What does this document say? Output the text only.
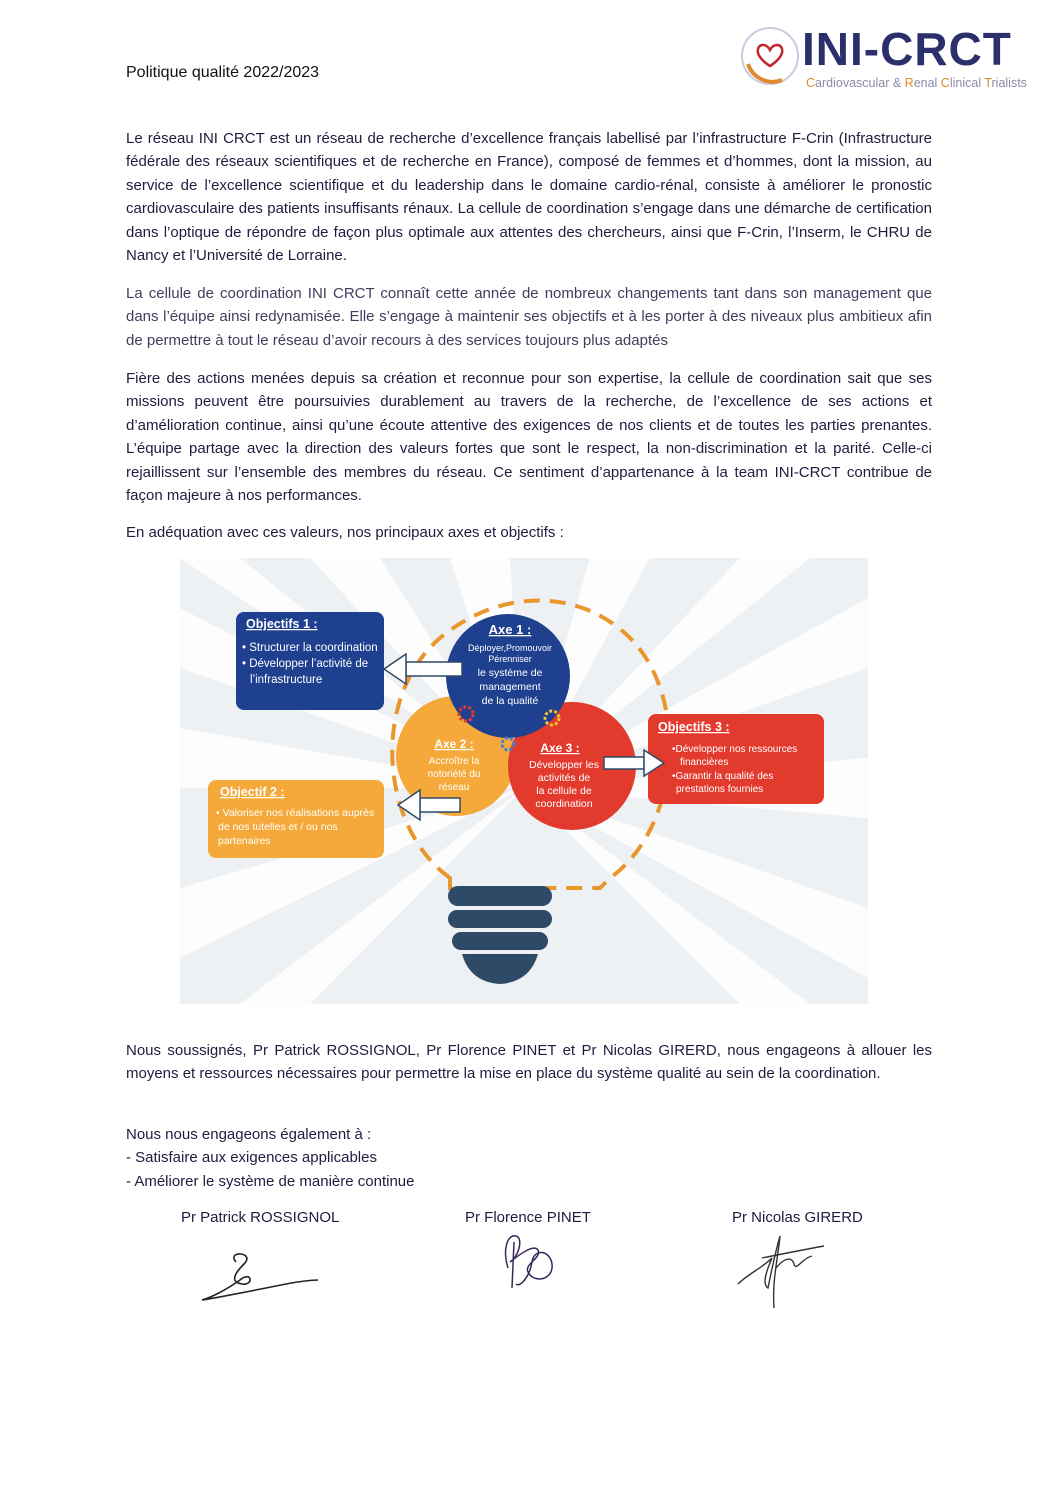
Politique qualité 2022/2023	INI-CRCT
Cardiovascular & Renal Clinical Trialists

Le réseau INI CRCT est un réseau de recherche d’excellence français labellisé par l’infrastructure F-Crin (Infrastructure fédérale des réseaux scientifiques et de recherche en France), composé de femmes et d’hommes, dont la mission, au service de l’excellence scientifique et du leadership dans le domaine cardio-rénal, consiste à améliorer le pronostic cardiovasculaire des patients insuffisants rénaux. La cellule de coordination s’engage dans une démarche de certification dans l’optique de répondre de façon plus optimale aux attentes des chercheurs, ainsi que F-Crin, l’Inserm, le CHRU de Nancy et l’Université de Lorraine.

La cellule de coordination INI CRCT connaît cette année de nombreux changements tant dans son management que dans l’équipe ainsi redynamisée. Elle s’engage à maintenir ses objectifs et à les porter à des niveaux plus ambitieux afin de permettre à tout le réseau d’avoir recours à des services toujours plus adaptés

Fière des actions menées depuis sa création et reconnue pour son expertise, la cellule de coordination sait que ses missions peuvent être poursuivies durablement au travers de la recherche, de l’excellence de ses actions et d’amélioration continue, ainsi qu’une écoute attentive des exigences de nos clients et de toutes les parties prenantes. L’équipe partage avec la direction des valeurs fortes que sont le respect, la non-discrimination et la parité. Celle-ci rejaillissent sur l’ensemble des membres du réseau. Ce sentiment d’appartenance à la team INI-CRCT contribue de façon majeure à nos performances.

En adéquation avec ces valeurs, nos principaux axes et objectifs :

Objectifs 1 :
• Structurer la coordination
• Développer l’activité de
l’infrastructure
Objectif 2 :
• Valoriser nos réalisations auprès
de nos tutelles et / ou nos
partenaires
Objectifs 3 :
•Développer nos ressources
financières
•Garantir la qualité des
prestations fournies
Axe 1 :
Déployer,Promouvoir
Pérenniser
le système de
management
de la qualité
Axe 2 :
Accroître la
notoriété du
réseau
Axe 3 :
Développer les
activités de
la cellule de
coordination

Nous soussignés, Pr Patrick ROSSIGNOL, Pr Florence PINET et Pr Nicolas GIRERD, nous engageons à allouer les moyens et ressources nécessaires pour permettre la mise en place du système qualité au sein de la coordination.

Nous nous engageons également à :
- Satisfaire aux exigences applicables
- Améliorer le système de manière continue
Pr Patrick ROSSIGNOL	Pr Florence PINET	Pr Nicolas GIRERD
